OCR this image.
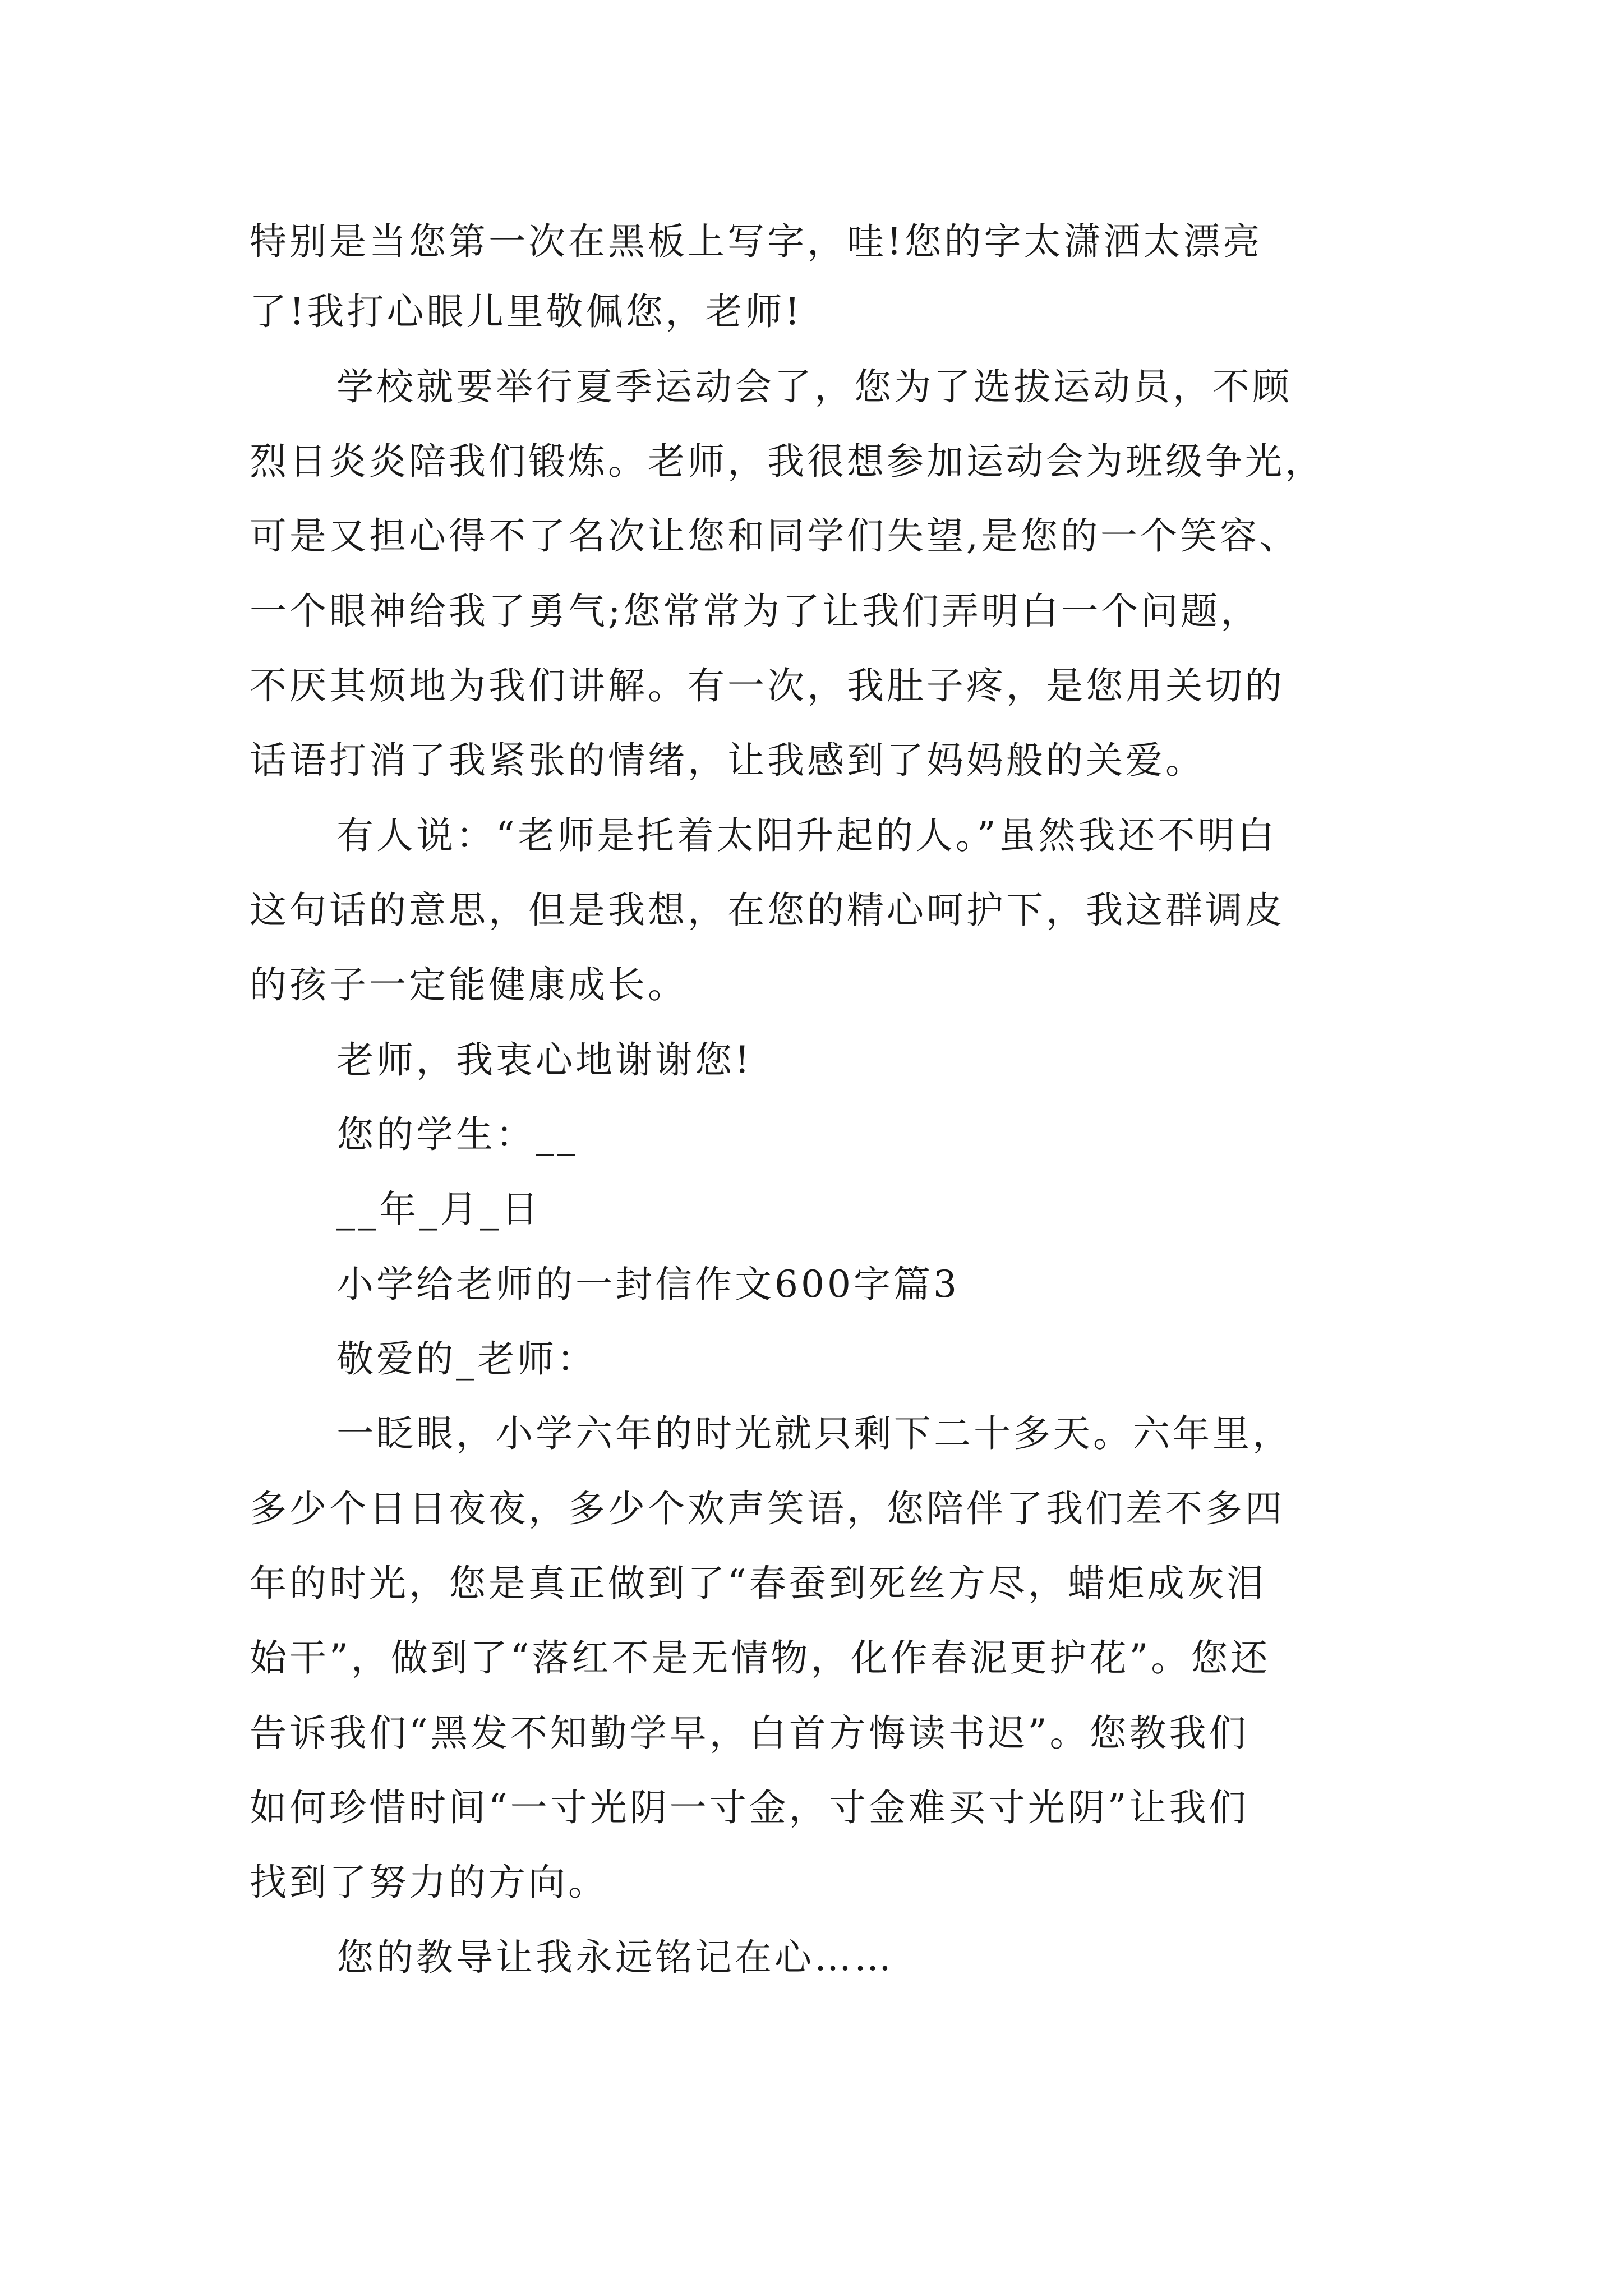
特别是当您第一次在黑板上写字，哇!您的字太潇洒太漂亮
了!我打心眼儿里敬佩您，老师!
学校就要举行夏季运动会了，您为了选拔运动员，不顾
烈日炎炎陪我们锻炼。老师，我很想参加运动会为班级争光，
可是又担心得不了名次让您和同学们失望,是您的一个笑容、
一个眼神给我了勇气;您常常为了让我们弄明白一个问题，
不厌其烦地为我们讲解。有一次，我肚子疼，是您用关切的
话语打消了我紧张的情绪，让我感到了妈妈般的关爱。
有人说：“老师是托着太阳升起的人。”虽然我还不明白
这句话的意思，但是我想，在您的精心呵护下，我这群调皮
的孩子一定能健康成长。
老师，我衷心地谢谢您!
您的学生：__
__年_月_日
小学给老师的一封信作文600字篇3
敬爱的_老师：
一眨眼，小学六年的时光就只剩下二十多天。六年里，
多少个日日夜夜，多少个欢声笑语，您陪伴了我们差不多四
年的时光，您是真正做到了“春蚕到死丝方尽，蜡炬成灰泪
始干”，做到了“落红不是无情物，化作春泥更护花”。您还
告诉我们“黑发不知勤学早，白首方悔读书迟”。您教我们
如何珍惜时间“一寸光阴一寸金，寸金难买寸光阴”让我们
找到了努力的方向。
您的教导让我永远铭记在心……
